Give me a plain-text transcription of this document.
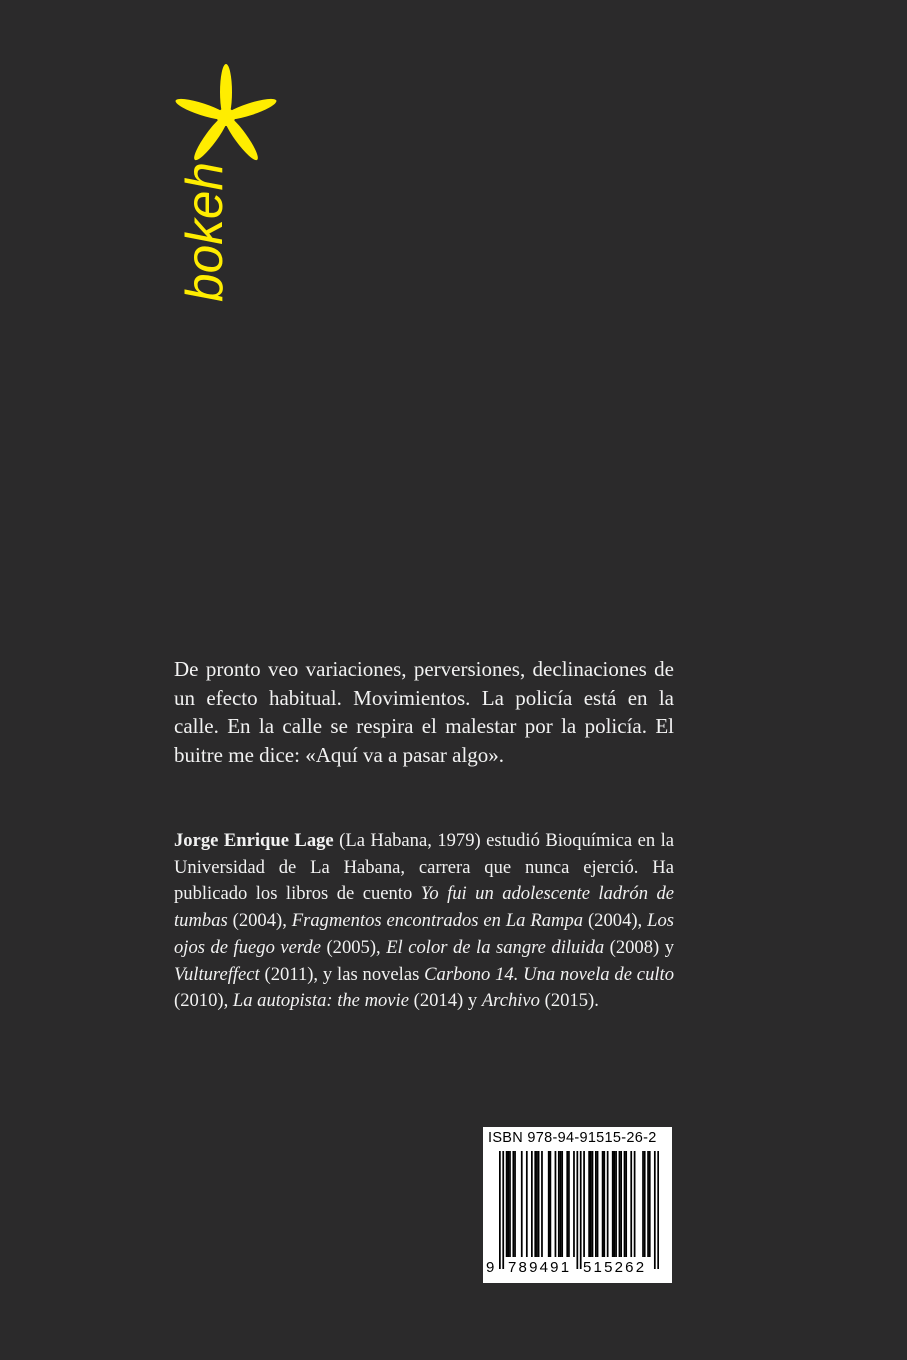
bokeh

De pronto veo variaciones, perversiones, declinaciones de un efecto habitual. Movimientos. La policía está en la calle. En la calle se respira el malestar por la policía. El buitre me dice: «Aquí va a pasar algo».

Jorge Enrique Lage (La Habana, 1979) estudió Bioquímica en la Universidad de La Habana, carrera que nunca ejerció. Ha publicado los libros de cuento Yo fui un adolescente ladrón de tumbas (2004), Fragmentos encontrados en La Rampa (2004), Los ojos de fuego verde (2005), El color de la sangre diluida (2008) y Vultureffect (2011), y las novelas Carbono 14. Una novela de culto (2010), La autopista: the movie (2014) y Archivo (2015).

ISBN 978-94-91515-26-2
9 789491 515262
